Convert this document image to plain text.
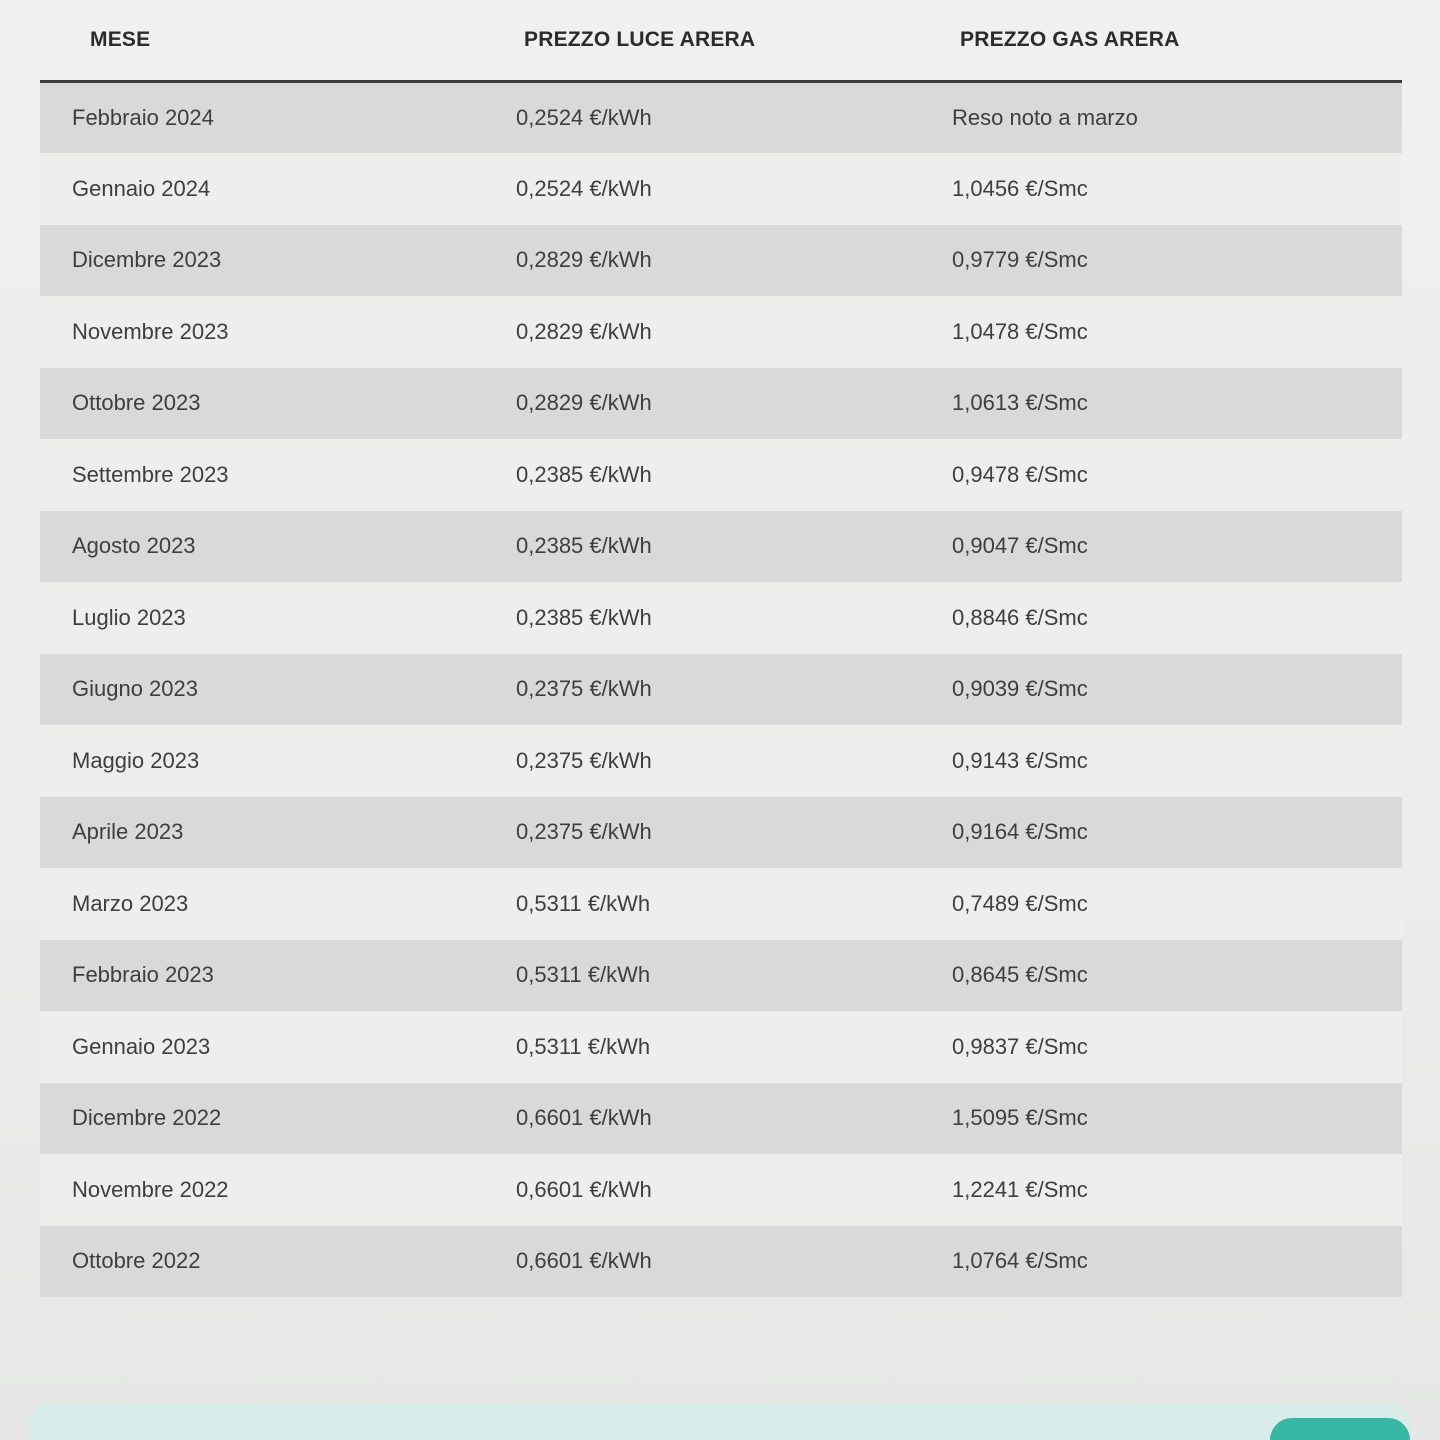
MESE	PREZZO LUCE ARERA	PREZZO GAS ARERA
Febbraio 2024	0,2524 €/kWh	Reso noto a marzo
Gennaio 2024	0,2524 €/kWh	1,0456 €/Smc
Dicembre 2023	0,2829 €/kWh	0,9779 €/Smc
Novembre 2023	0,2829 €/kWh	1,0478 €/Smc
Ottobre 2023	0,2829 €/kWh	1,0613 €/Smc
Settembre 2023	0,2385 €/kWh	0,9478 €/Smc
Agosto 2023	0,2385 €/kWh	0,9047 €/Smc
Luglio 2023	0,2385 €/kWh	0,8846 €/Smc
Giugno 2023	0,2375 €/kWh	0,9039 €/Smc
Maggio 2023	0,2375 €/kWh	0,9143 €/Smc
Aprile 2023	0,2375 €/kWh	0,9164 €/Smc
Marzo 2023	0,5311 €/kWh	0,7489 €/Smc
Febbraio 2023	0,5311 €/kWh	0,8645 €/Smc
Gennaio 2023	0,5311 €/kWh	0,9837 €/Smc
Dicembre 2022	0,6601 €/kWh	1,5095 €/Smc
Novembre 2022	0,6601 €/kWh	1,2241 €/Smc
Ottobre 2022	0,6601 €/kWh	1,0764 €/Smc
